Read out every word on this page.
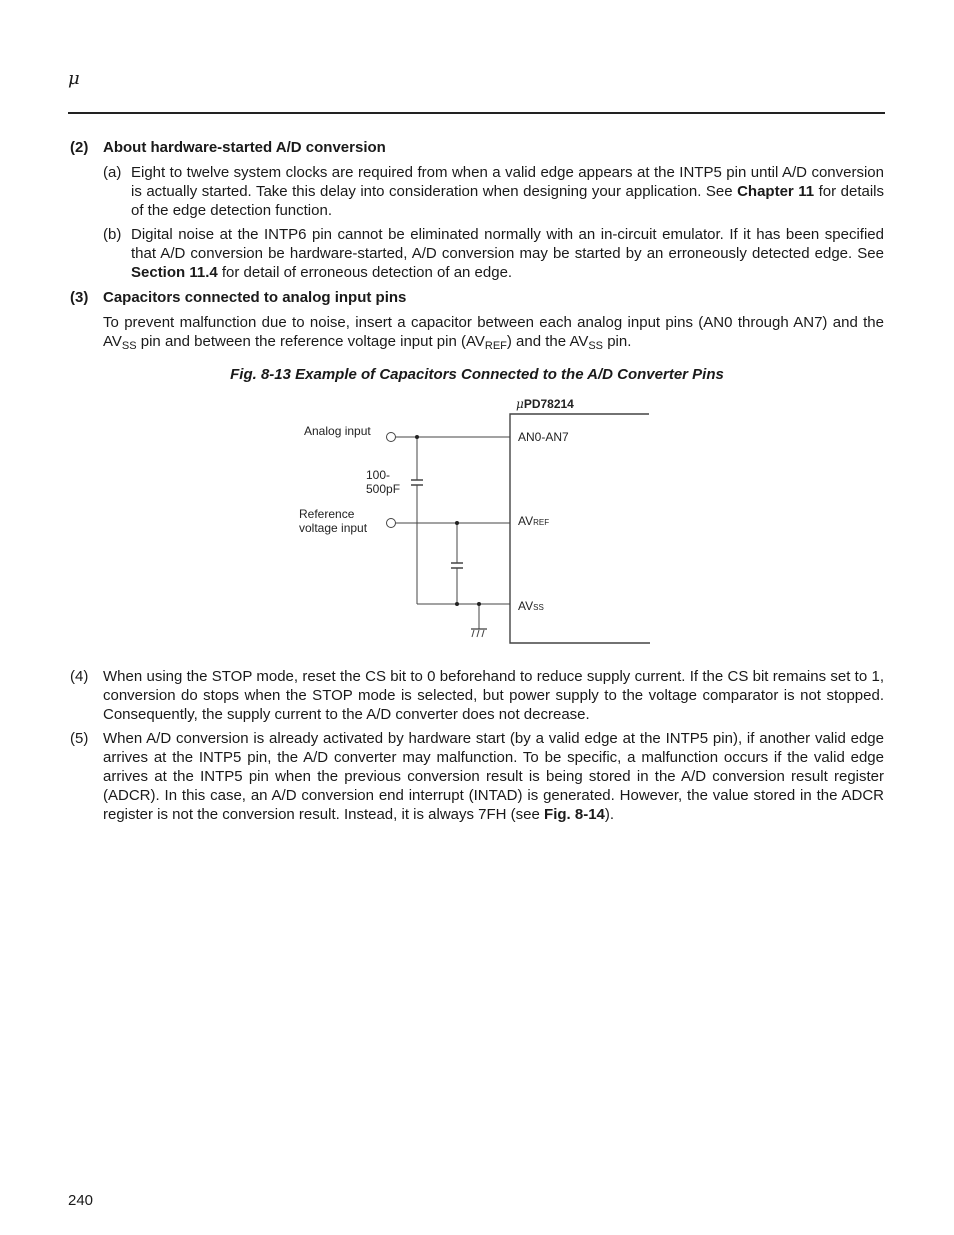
μ
(2) About hardware-started A/D conversion
(a) Eight to twelve system clocks are required from when a valid edge appears at the INTP5 pin until A/D conversion is actually started. Take this delay into consideration when designing your application. See Chapter 11 for details of the edge detection function.

(b) Digital noise at the INTP6 pin cannot be eliminated normally with an in-circuit emulator. If it has been specified that A/D conversion be hardware-started, A/D conversion may be started by an erroneously detected edge. See Section 11.4 for detail of erroneous detection of an edge.

(3) Capacitors connected to analog input pins

To prevent malfunction due to noise, insert a capacitor between each analog input pins (AN0 through AN7) and the $AV_{SS}$ pin and between the reference voltage input pin $(AV_{REF})$ and the $AV_{SS}$ pin.

Fig. 8-13 Example of Capacitors Connected to the A/D Converter Pins
μPD78214
Analog input
100-
500pF
Reference
voltage input
AN0-AN7
AVREF
AVSS
(4) When using the STOP mode, reset the CS bit to 0 beforehand to reduce supply current. If the CS bit remains set to 1, conversion do stops when the STOP mode is selected, but power supply to the voltage comparator is not stopped. Consequently, the supply current to the A/D converter does not decrease.

(5) When A/D conversion is already activated by hardware start (by a valid edge at the INTP5 pin), if another valid edge arrives at the INTP5 pin, the A/D converter may malfunction. To be specific, a malfunction occurs if the valid edge arrives at the INTP5 pin when the previous conversion result is being stored in the A/D conversion result register (ADCR). In this case, an A/D conversion end interrupt (INTAD) is generated. However, the value stored in the ADCR register is not the conversion result. Instead, it is always 7FH (see Fig. 8-14).

240
